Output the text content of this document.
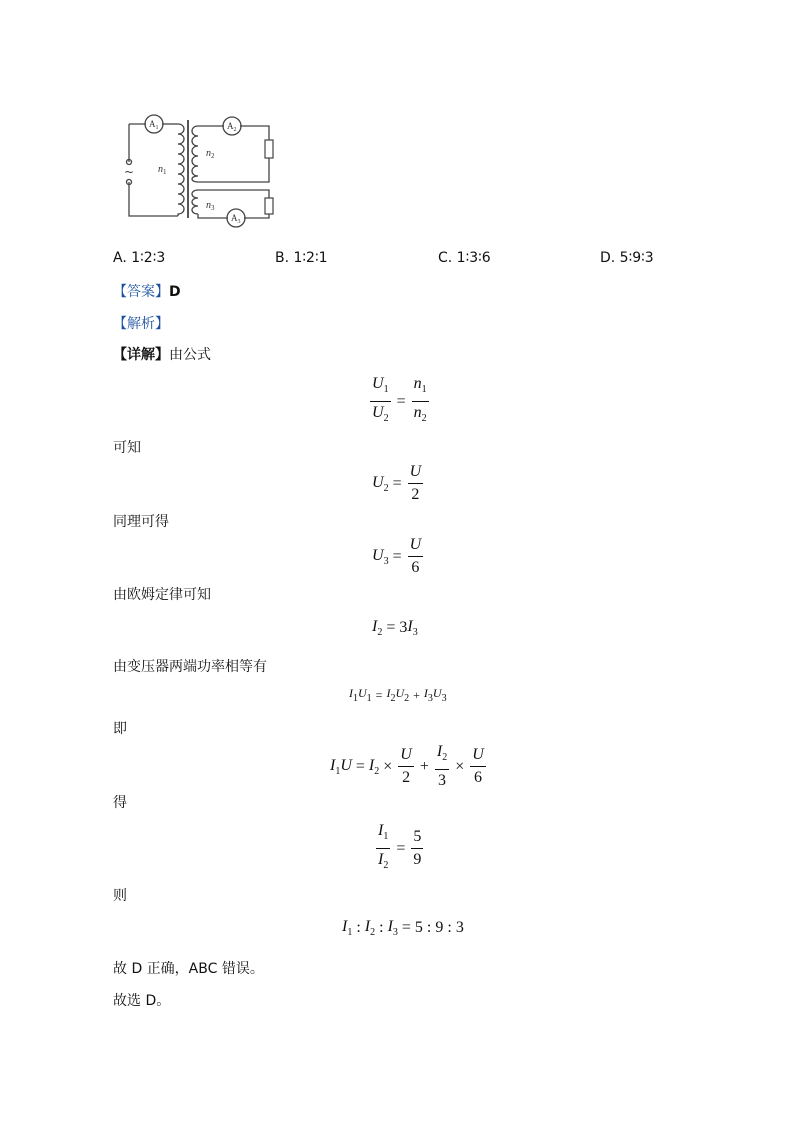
~
$A_1$	$A_2$
$A_3$
$n_1$
$n_2$
$n_3$
A. 1∶2∶3	B. 1∶2∶1	C. 1∶3∶6	D. 5∶9∶3
【答案】D
【解析】
【详解】由公式
$\frac{U_1}{U_2} = \frac{n_1}{n_2}$
可知
$U_2 = \frac{U}{2}$
同理可得
$U_3 = \frac{U}{6}$
由欧姆定律可知
$I_2 = 3$ $I_3$
由变压器两端功率相等有
$I_1U_1 = I_2U_2 + I_3U_3$
即
$I_1U = I_2 \times \frac{U}{2} + \frac{I_2}{3} \times \frac{U}{6}$
得
$\frac{I_1}{I_2} = \frac{5}{9}$
则
$I_1$ : $I_2$ : $I_3 = 5$ : 9 : 3
故 D 正确，ABC 错误。
故选 D。
